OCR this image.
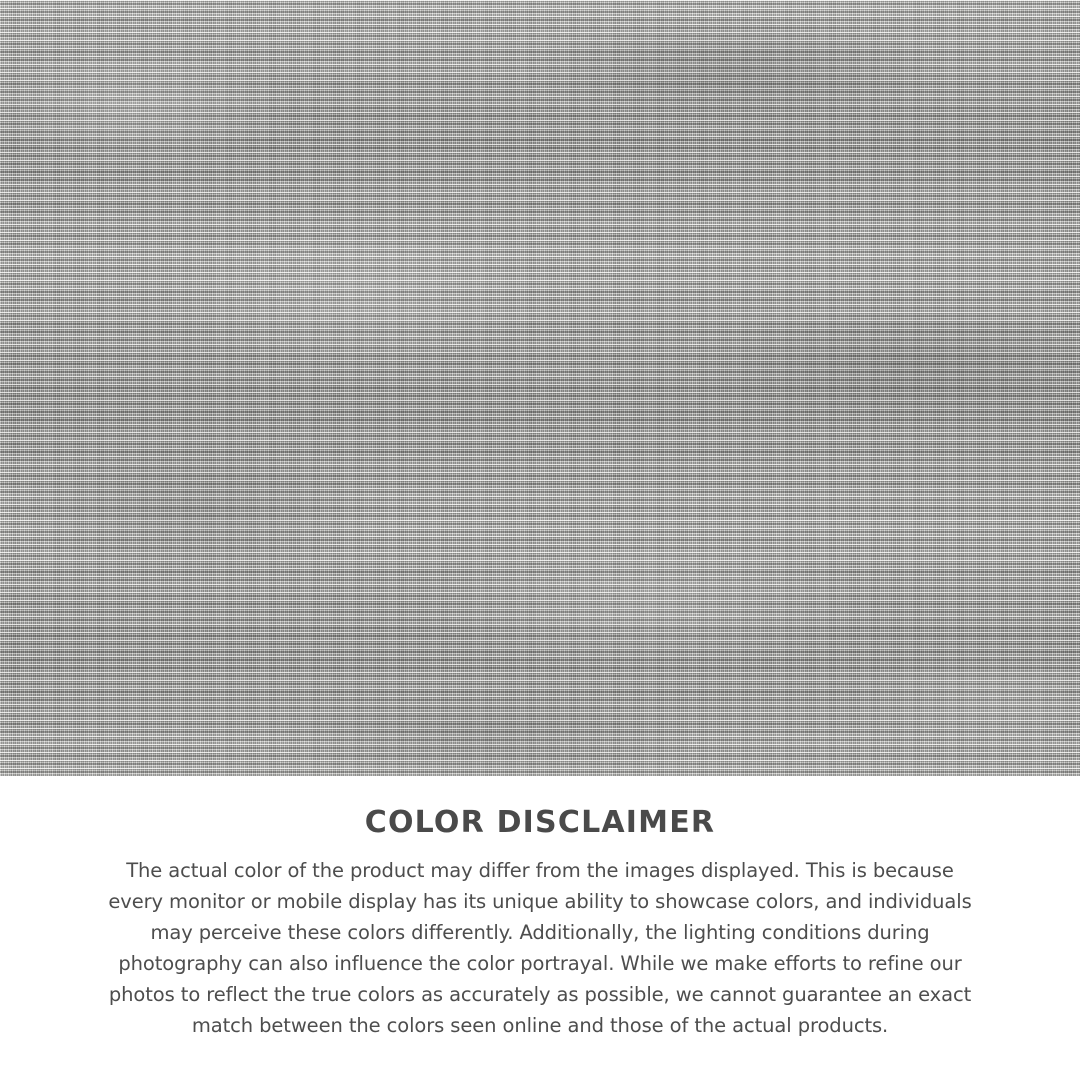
COLOR DISCLAIMER

The actual color of the product may differ from the images displayed. This is because every monitor or mobile display has its unique ability to showcase colors, and individuals may perceive these colors differently. Additionally, the lighting conditions during photography can also influence the color portrayal. While we make efforts to refine our photos to reflect the true colors as accurately as possible, we cannot guarantee an exact match between the colors seen online and those of the actual products.
